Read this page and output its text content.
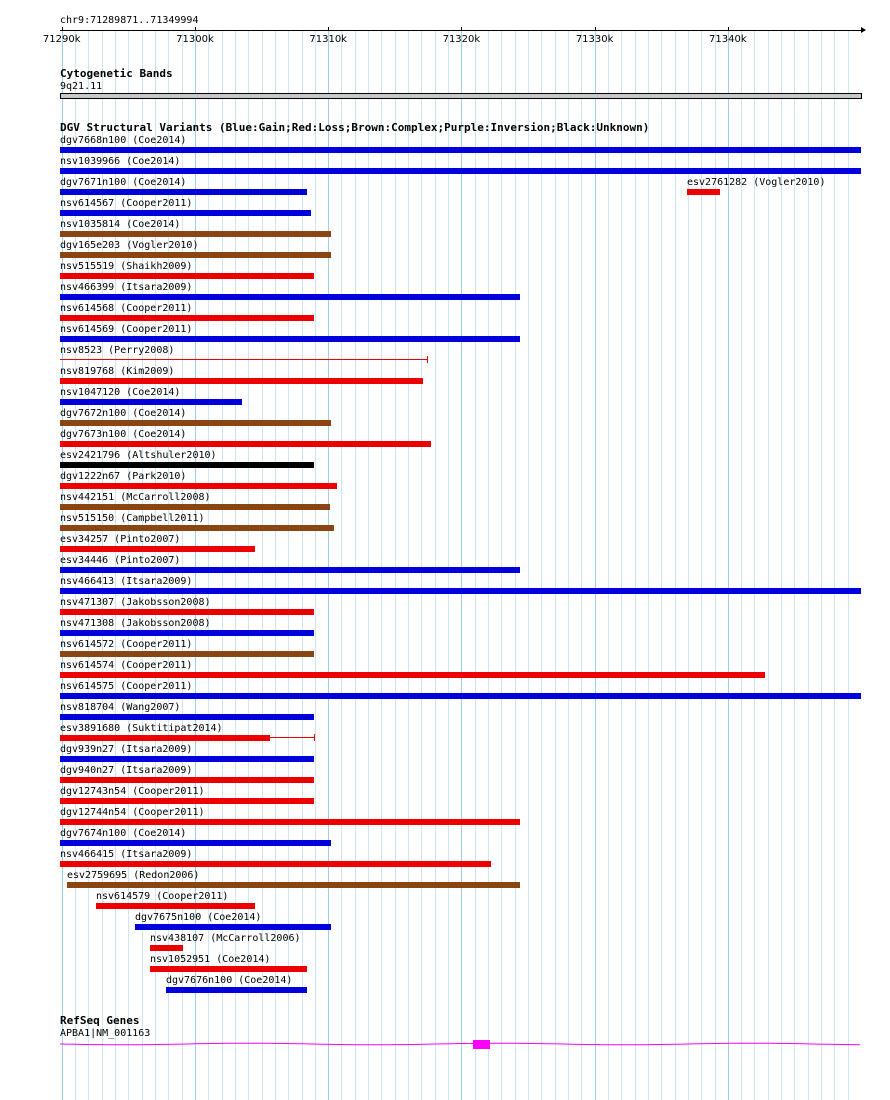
chr9:71289871..71349994
71290k	71300k	71310k	71320k	71330k	71340k
Cytogenetic Bands
9q21.11
DGV Structural Variants (Blue:Gain;Red:Loss;Brown:Complex;Purple:Inversion;Black:Unknown)
dgv7668n100 (Coe2014)
nsv1039966 (Coe2014)
dgv7671n100 (Coe2014)	esv2761282 (Vogler2010)
nsv614567 (Cooper2011)
nsv1035814 (Coe2014)
dgv165e203 (Vogler2010)
nsv515519 (Shaikh2009)
nsv466399 (Itsara2009)
nsv614568 (Cooper2011)
nsv614569 (Cooper2011)
nsv8523 (Perry2008)
nsv819768 (Kim2009)
nsv1047120 (Coe2014)
dgv7672n100 (Coe2014)
dgv7673n100 (Coe2014)
esv2421796 (Altshuler2010)
dgv1222n67 (Park2010)
nsv442151 (McCarroll2008)
nsv515150 (Campbell2011)
esv34257 (Pinto2007)
esv34446 (Pinto2007)
nsv466413 (Itsara2009)
nsv471307 (Jakobsson2008)
nsv471308 (Jakobsson2008)
nsv614572 (Cooper2011)
nsv614574 (Cooper2011)
nsv614575 (Cooper2011)
nsv818704 (Wang2007)
esv3891680 (Suktitipat2014)
dgv939n27 (Itsara2009)
dgv940n27 (Itsara2009)
dgv12743n54 (Cooper2011)
dgv12744n54 (Cooper2011)
dgv7674n100 (Coe2014)
nsv466415 (Itsara2009)
esv2759695 (Redon2006)
nsv614579 (Cooper2011)
dgv7675n100 (Coe2014)
nsv438107 (McCarroll2006)
nsv1052951 (Coe2014)
dgv7676n100 (Coe2014)
RefSeq Genes
APBA1|NM_001163
